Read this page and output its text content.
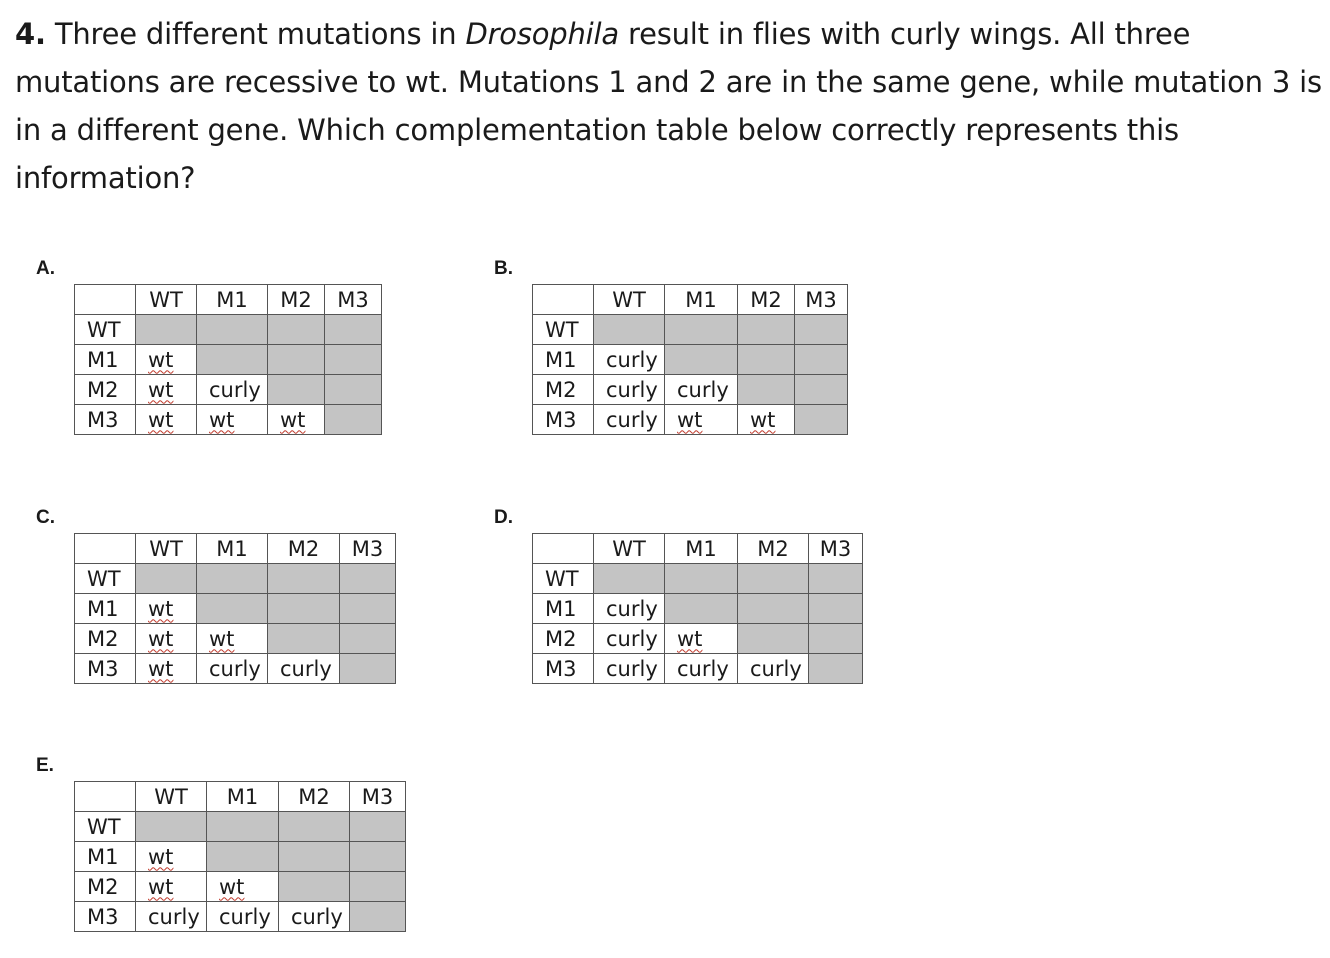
4. Three different mutations in Drosophila result in flies with curly wings. All three mutations are recessive to wt. Mutations 1 and 2 are in the same gene, while mutation 3 is in a different gene. Which complementation table below correctly represents this information?
A.
	WT	M1	M2	M3
WT				
M1	wt			
M2	wt	curly		
M3	wt	wt	wt	
B.
	WT	M1	M2	M3
WT				
M1	curly			
M2	curly	curly		
M3	curly	wt	wt	
C.
	WT	M1	M2	M3
WT				
M1	wt			
M2	wt	wt		
M3	wt	curly	curly	
D.
	WT	M1	M2	M3
WT				
M1	curly			
M2	curly	wt		
M3	curly	curly	curly	
E.
	WT	M1	M2	M3
WT				
M1	wt			
M2	wt	wt		
M3	curly	curly	curly	
